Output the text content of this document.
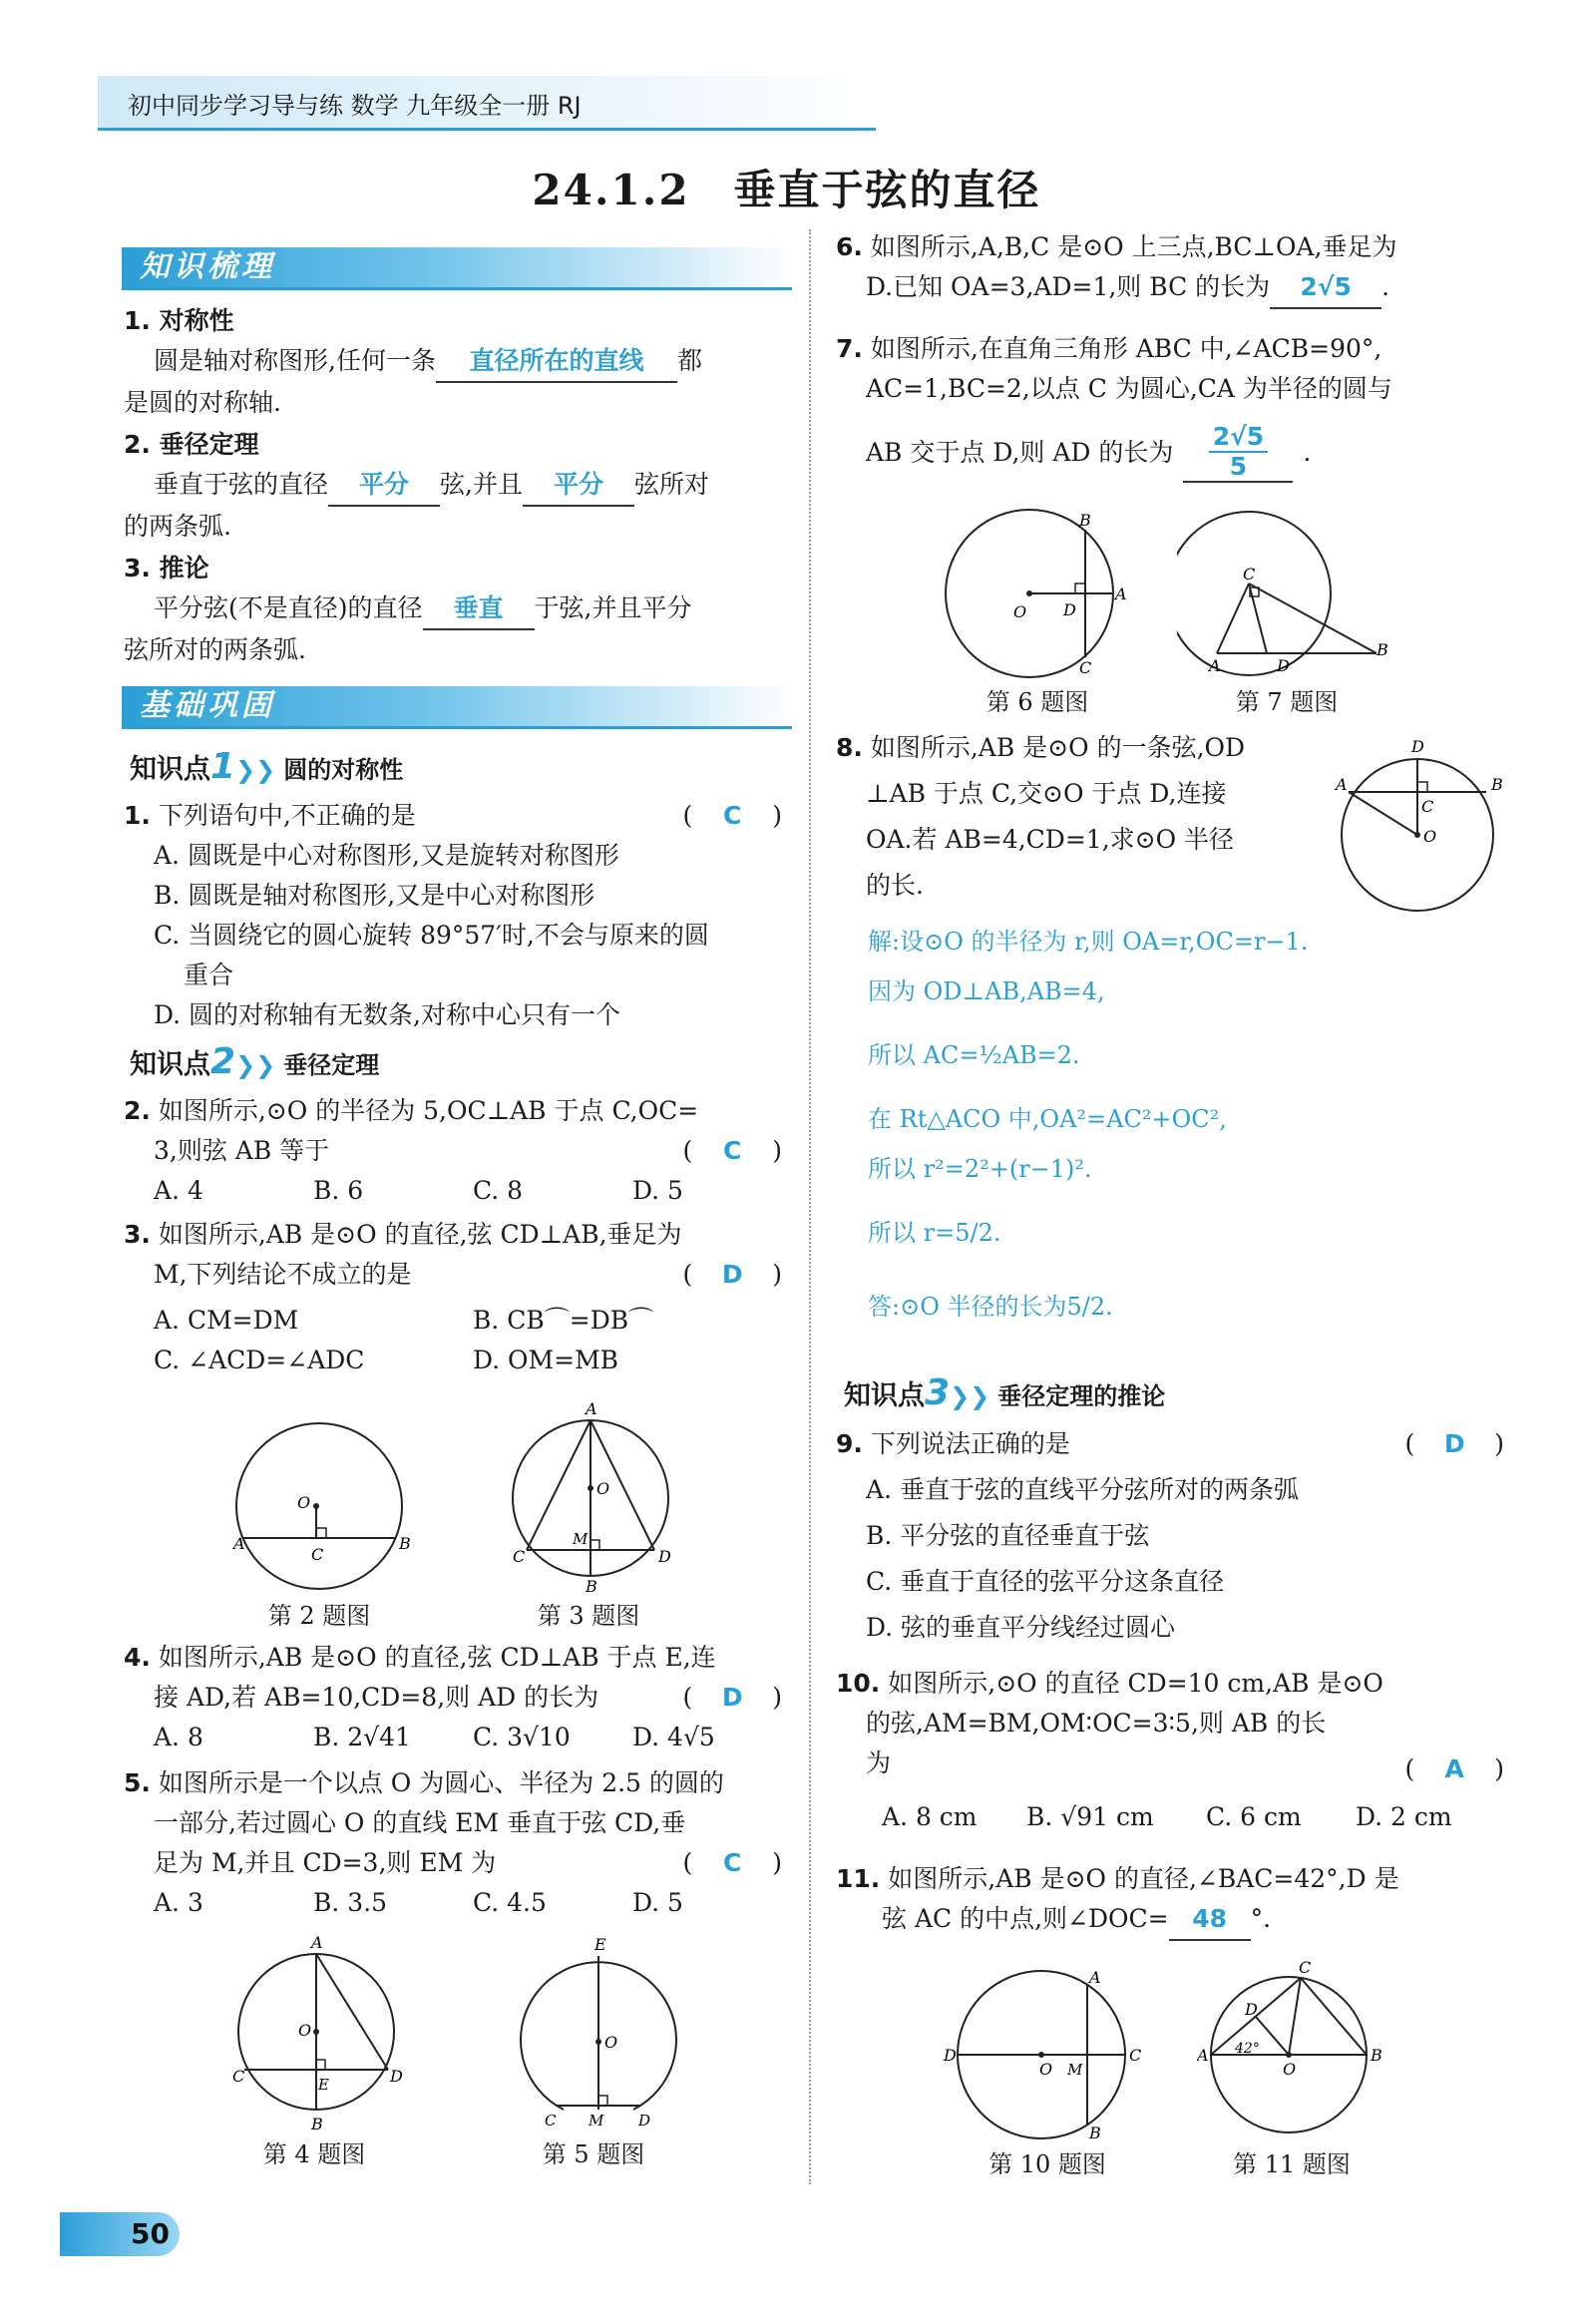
初中同步学习导与练 数学 九年级全一册 RJ
24.1.2　垂直于弦的直径
知识梳理
1. 对称性
圆是轴对称图形,任何一条 直径所在的直线 都
是圆的对称轴.
2. 垂径定理
垂直于弦的直径 平分 弦,并且 平分 弦所对
的两条弧.
3. 推论
平分弦(不是直径)的直径 垂直 于弦,并且平分
弦所对的两条弧.
基础巩固
知识点1❯❯ 圆的对称性
1. 下列语句中,不正确的是	( C )
A. 圆既是中心对称图形,又是旋转对称图形
B. 圆既是轴对称图形,又是中心对称图形
C. 当圆绕它的圆心旋转 89°57′时,不会与原来的圆
重合
D. 圆的对称轴有无数条,对称中心只有一个
知识点2❯❯ 垂径定理
2. 如图所示,⊙O 的半径为 5,OC⊥AB 于点 C,OC=
3,则弦 AB 等于	( C )
A. 4	B. 6	C. 8	D. 5
3. 如图所示,AB 是⊙O 的直径,弦 CD⊥AB,垂足为
M,下列结论不成立的是	( D )
A. CM=DM	B. CB⌒=DB⌒
C. ∠ACD=∠ADC	D. OM=MB
O
A	B
C
O
A
C	D
M
B
第 2 题图	第 3 题图
4. 如图所示,AB 是⊙O 的直径,弦 CD⊥AB 于点 E,连
接 AD,若 AB=10,CD=8,则 AD 的长为	( D )
A. 8	B. 2√41 C. 3√10 D. 4√5
5. 如图所示是一个以点 O 为圆心、半径为 2.5 的圆的
一部分,若过圆心 O 的直线 EM 垂直于弦 CD,垂
足为 M,并且 CD=3,则 EM 为	( C )
A. 3	B. 3.5	C. 4.5	D. 5
O
A
C	D
E
B
O
E
C M D
第 4 题图	第 5 题图
6. 如图所示,A,B,C 是⊙O 上三点,BC⊥OA,垂足为
D.已知 OA=3,AD=1,则 BC 的长为 2√5 .
7. 如图所示,在直角三角形 ABC 中,∠ACB=90°,
AC=1,BC=2,以点 C 为圆心,CA 为半径的圆与
AB 交于点 D,则 AD 的长为 $\frac{2√5}{5}$ .
O D
A
B
C
C
A	D
B
第 6 题图	第 7 题图
8. 如图所示,AB 是⊙O 的一条弦,OD
⊥AB 于点 C,交⊙O 于点 D,连接
OA.若 AB=4,CD=1,求⊙O 半径
的长.
D
A	B
C
O
解:设⊙O 的半径为 r,则 OA=r,OC=r−1.
因为 OD⊥AB,AB=4,
所以 AC=½AB=2.
在 Rt△ACO 中,OA²=AC²+OC²,
所以 r²=2²+(r−1)².
所以 r=5/2.
答:⊙O 半径的长为5/2.
知识点3❯❯ 垂径定理的推论
9. 下列说法正确的是	( D )
A. 垂直于弦的直线平分弦所对的两条弧
B. 平分弦的直径垂直于弦
C. 垂直于直径的弦平分这条直径
D. 弦的垂直平分线经过圆心
10. 如图所示,⊙O 的直径 CD=10 cm,AB 是⊙O
的弦,AM=BM,OM∶OC=3∶5,则 AB 的长
为	( A )
A. 8 cm B. √91 cm C. 6 cm D. 2 cm
11. 如图所示,AB 是⊙O 的直径,∠BAC=42°,D 是
弦 AC 的中点,则∠DOC= 48 °.
D	C
O M
A
B
C
D
A	B
O
42°
第 10 题图	第 11 题图
50
